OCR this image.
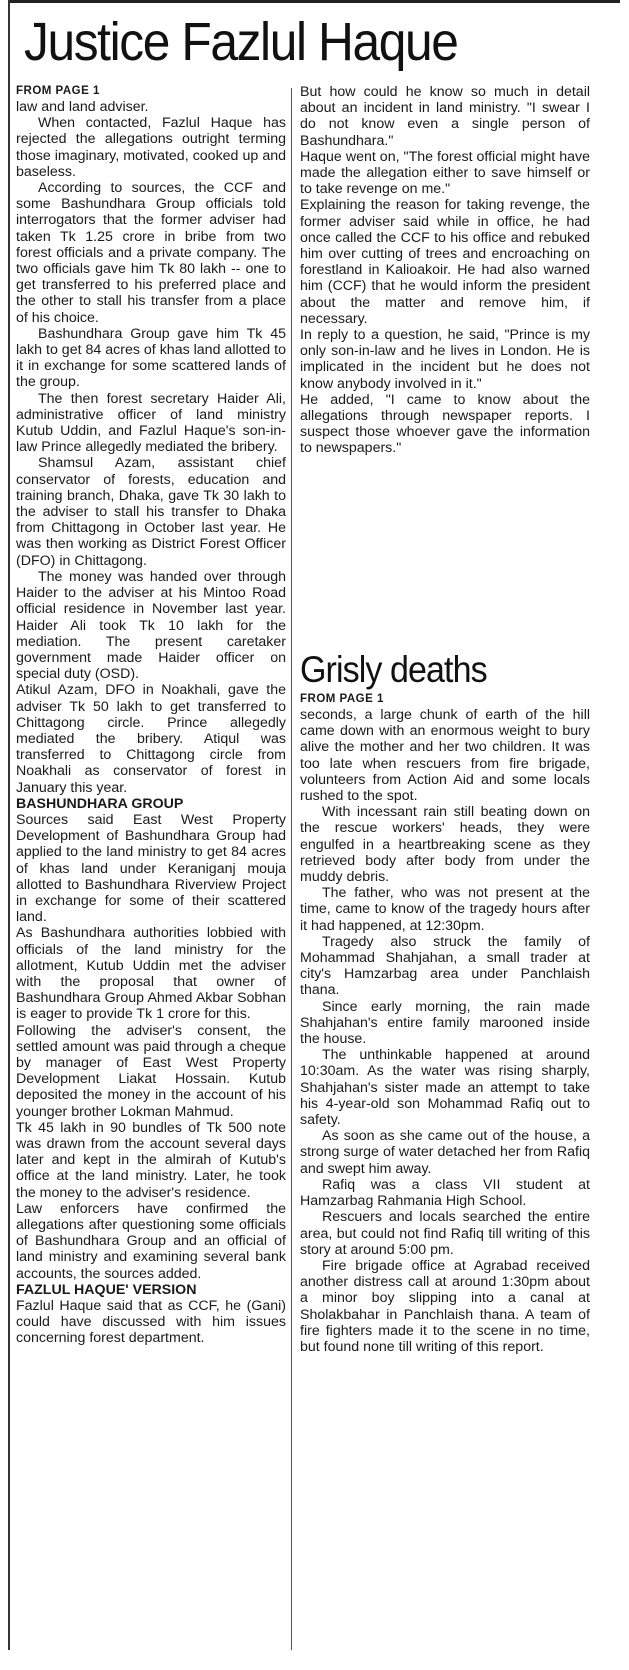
Justice Fazlul Haque
FROM PAGE 1

law and land adviser.

When contacted, Fazlul Haque has rejected the allegations outright terming those imaginary, motivated, cooked up and baseless.

According to sources, the CCF and some Bashundhara Group officials told interrogators that the former adviser had taken Tk 1.25 crore in bribe from two forest officials and a private company. The two officials gave him Tk 80 lakh -- one to get transferred to his preferred place and the other to stall his transfer from a place of his choice.

Bashundhara Group gave him Tk 45 lakh to get 84 acres of khas land allotted to it in exchange for some scattered lands of the group.

The then forest secretary Haider Ali, administrative officer of land ministry Kutub Uddin, and Fazlul Haque's son-in-law Prince allegedly mediated the bribery.

Shamsul Azam, assistant chief conservator of forests, education and training branch, Dhaka, gave Tk 30 lakh to the adviser to stall his transfer to Dhaka from Chittagong in October last year. He was then working as District Forest Officer (DFO) in Chittagong.

The money was handed over through Haider to the adviser at his Mintoo Road official residence in November last year. Haider Ali took Tk 10 lakh for the mediation. The present caretaker government made Haider officer on special duty (OSD).

Atikul Azam, DFO in Noakhali, gave the adviser Tk 50 lakh to get transferred to Chittagong circle. Prince allegedly mediated the bribery. Atiqul was transferred to Chittagong circle from Noakhali as conservator of forest in January this year.

BASHUNDHARA GROUP

Sources said East West Property Development of Bashundhara Group had applied to the land ministry to get 84 acres of khas land under Keraniganj mouja allotted to Bashundhara Riverview Project in exchange for some of their scattered land.

As Bashundhara authorities lobbied with officials of the land ministry for the allotment, Kutub Uddin met the adviser with the proposal that owner of Bashundhara Group Ahmed Akbar Sobhan is eager to provide Tk 1 crore for this.

Following the adviser's consent, the settled amount was paid through a cheque by manager of East West Property Development Liakat Hossain. Kutub deposited the money in the account of his younger brother Lokman Mahmud.

Tk 45 lakh in 90 bundles of Tk 500 note was drawn from the account several days later and kept in the almirah of Kutub's office at the land ministry. Later, he took the money to the adviser's residence.

Law enforcers have confirmed the allegations after questioning some officials of Bashundhara Group and an official of land ministry and examining several bank accounts, the sources added.

FAZLUL HAQUE' VERSION

Fazlul Haque said that as CCF, he (Gani) could have discussed with him issues concerning forest department.

But how could he know so much in detail about an incident in land ministry. "I swear I do not know even a single person of Bashundhara."

Haque went on, "The forest official might have made the allegation either to save himself or to take revenge on me."

Explaining the reason for taking revenge, the former adviser said while in office, he had once called the CCF to his office and rebuked him over cutting of trees and encroaching on forestland in Kalioakoir. He had also warned him (CCF) that he would inform the president about the matter and remove him, if necessary.

In reply to a question, he said, "Prince is my only son-in-law and he lives in London. He is implicated in the incident but he does not know anybody involved in it."

He added, "I came to know about the allegations through newspaper reports. I suspect those whoever gave the information to newspapers."

Grisly deaths
FROM PAGE 1

seconds, a large chunk of earth of the hill came down with an enormous weight to bury alive the mother and her two children. It was too late when rescuers from fire brigade, volunteers from Action Aid and some locals rushed to the spot.

With incessant rain still beating down on the rescue workers' heads, they were engulfed in a heartbreaking scene as they retrieved body after body from under the muddy debris.

The father, who was not present at the time, came to know of the tragedy hours after it had happened, at 12:30pm.

Tragedy also struck the family of Mohammad Shahjahan, a small trader at city's Hamzarbag area under Panchlaish thana.

Since early morning, the rain made Shahjahan's entire family marooned inside the house.

The unthinkable happened at around 10:30am. As the water was rising sharply, Shahjahan's sister made an attempt to take his 4-year-old son Mohammad Rafiq out to safety.

As soon as she came out of the house, a strong surge of water detached her from Rafiq and swept him away.

Rafiq was a class VII student at Hamzarbag Rahmania High School.

Rescuers and locals searched the entire area, but could not find Rafiq till writing of this story at around 5:00 pm.

Fire brigade office at Agrabad received another distress call at around 1:30pm about a minor boy slipping into a canal at Sholakbahar in Panchlaish thana. A team of fire fighters made it to the scene in no time, but found none till writing of this report.
